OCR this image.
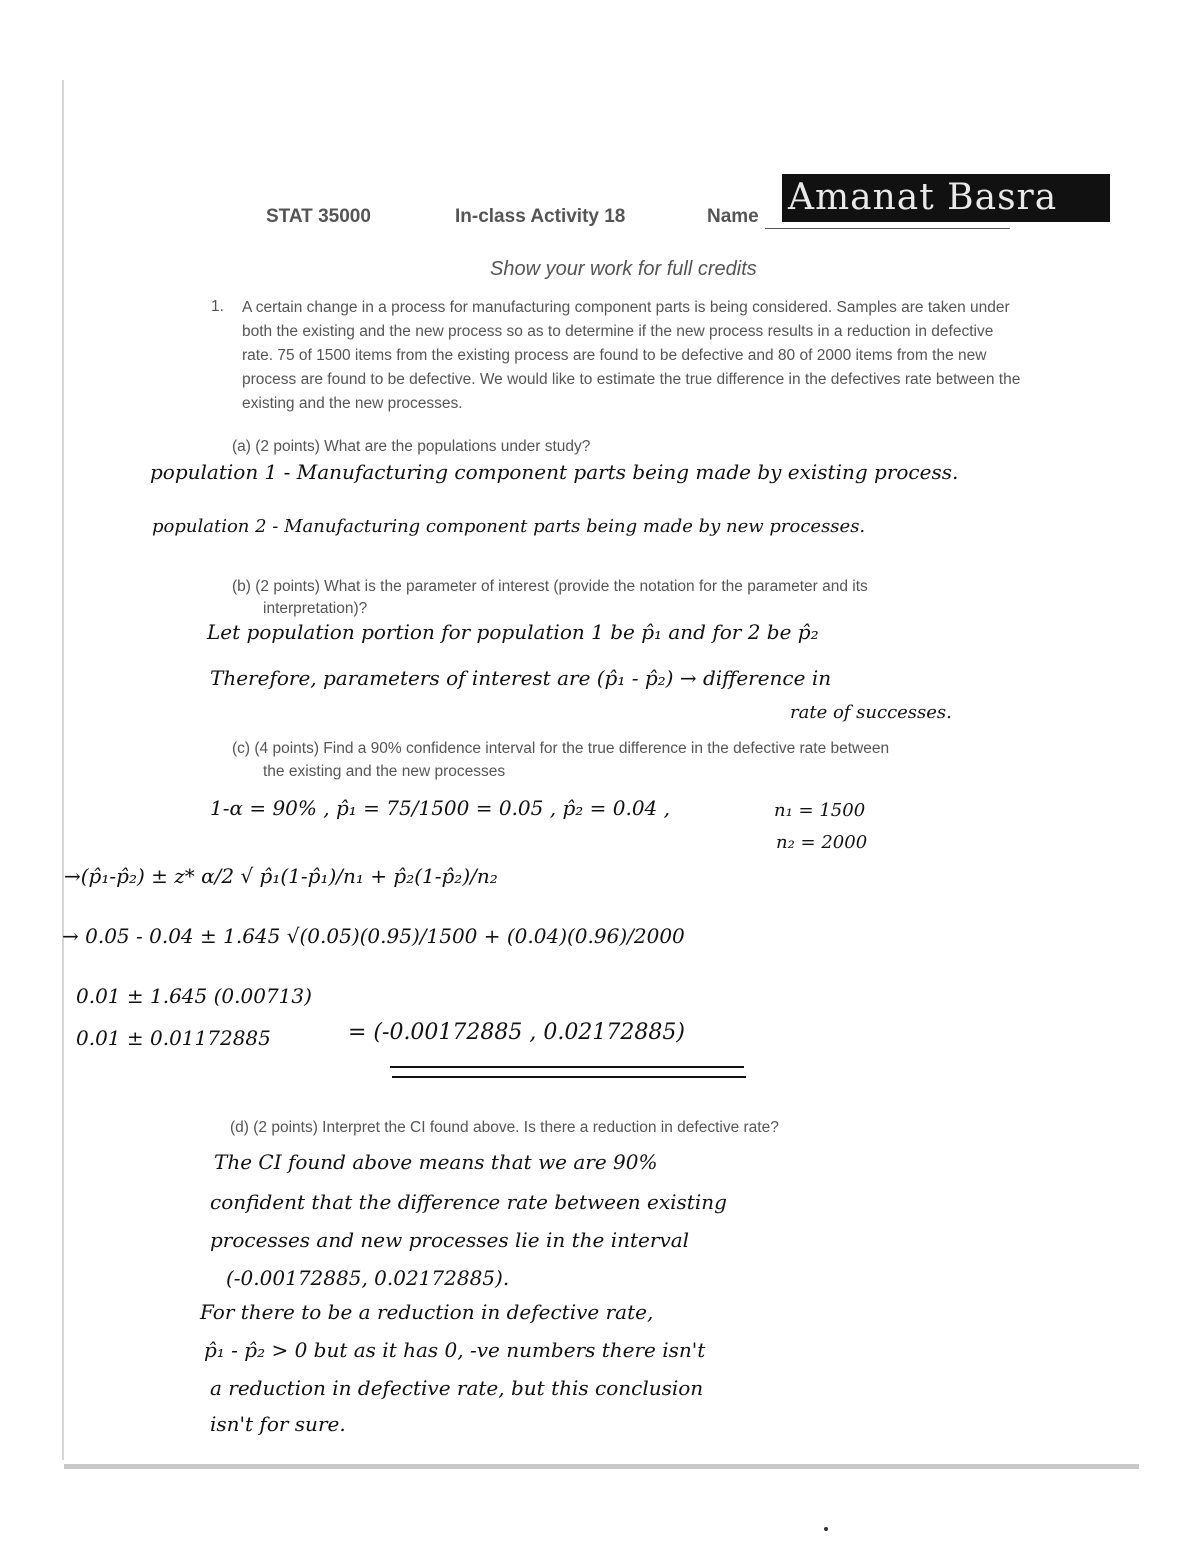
STAT 35000	In-class Activity 18	Name Amanat Basra
Show your work for full credits
1. A certain change in a process for manufacturing component parts is being considered. Samples are taken under both the existing and the new process so as to determine if the new process results in a reduction in defective rate. 75 of 1500 items from the existing process are found to be defective and 80 of 2000 items from the new process are found to be defective. We would like to estimate the true difference in the defectives rate between the existing and the new processes.
(a) (2 points) What are the populations under study?
population 1 - Manufacturing component parts being made by existing process.
population 2 - Manufacturing component parts being made by new processes.
(b) (2 points) What is the parameter of interest (provide the notation for the parameter and its
interpretation)?
Let population portion for population 1 be p̂₁ and for 2 be p̂₂
Therefore, parameters of interest are (p̂₁ - p̂₂) → difference in
rate of successes.
(c) (4 points) Find a 90% confidence interval for the true difference in the defective rate between
the existing and the new processes
1-α = 90% , p̂₁ = 75/1500 = 0.05 , p̂₂ = 0.04 ,	n₁ = 1500
n₂ = 2000
→(p̂₁-p̂₂) ± z* α/2 √ p̂₁(1-p̂₁)/n₁ + p̂₂(1-p̂₂)/n₂
→ 0.05 - 0.04 ± 1.645 √(0.05)(0.95)/1500 + (0.04)(0.96)/2000
0.01 ± 1.645 (0.00713)
0.01 ± 0.01172885	= (-0.00172885 , 0.02172885)
(d) (2 points) Interpret the CI found above. Is there a reduction in defective rate?
The CI found above means that we are 90%
confident that the difference rate between existing
processes and new processes lie in the interval
(-0.00172885, 0.02172885).
For there to be a reduction in defective rate,
p̂₁ - p̂₂ > 0 but as it has 0, -ve numbers there isn't
a reduction in defective rate, but this conclusion
isn't for sure.
